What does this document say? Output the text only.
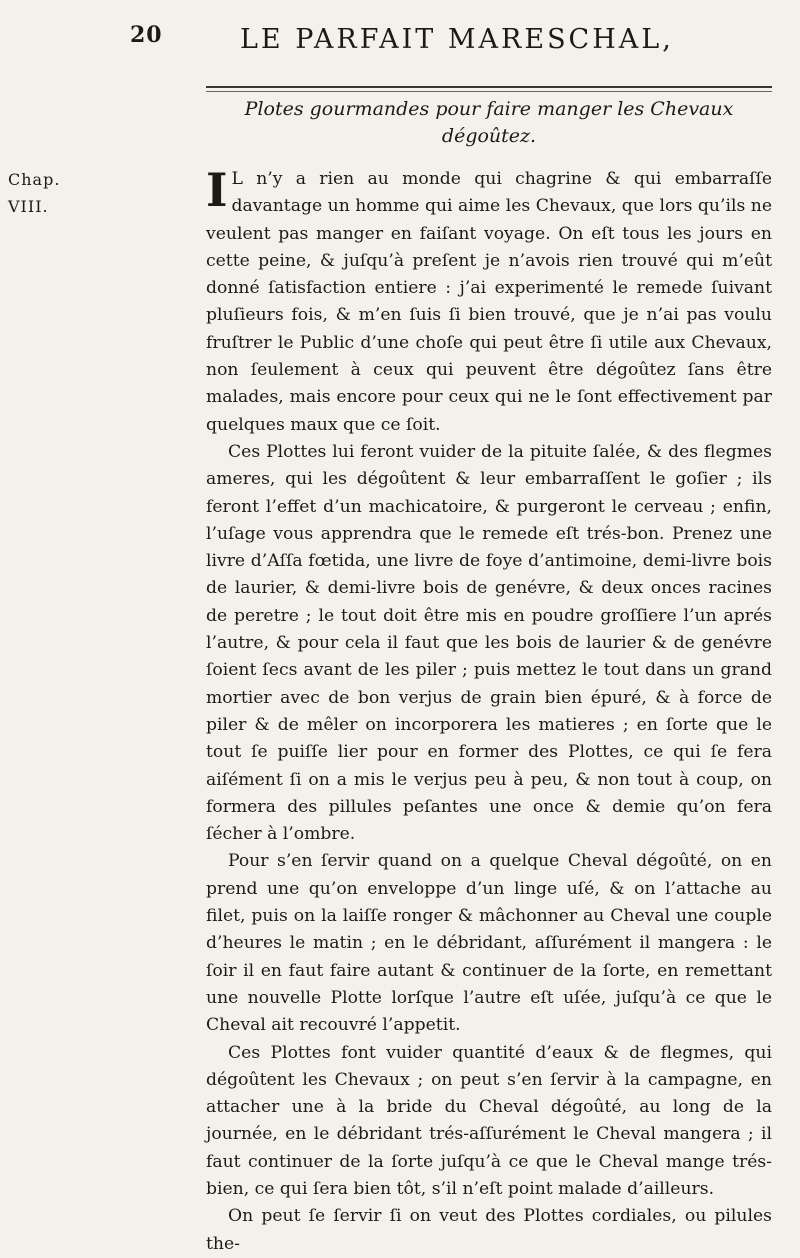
20	LE PARFAIT MARESCHAL,
Plotes gourmandes pour faire manger les Chevaux
dégoûtez.
Chap.
VIII.	I L n’y a rien au monde qui chagrine & qui embarraſſe davantage un homme qui aime les Chevaux, que lors qu’ils ne veulent pas manger en faiſant voyage. On eſt tous les jours en cette peine, & juſqu’à preſent je n’avois rien trouvé qui m’eût donné ſatisfaction entiere : j’ai experimenté le remede ſuivant pluſieurs fois, & m’en ſuis ſi bien trouvé, que je n’ai pas voulu fruſtrer le Public d’une choſe qui peut être ſi utile aux Chevaux, non ſeulement à ceux qui peuvent être dégoûtez ſans être malades, mais encore pour ceux qui ne le ſont effectivement par quelques maux que ce ſoit.

Ces Plottes lui feront vuider de la pituite ſalée, & des flegmes ameres, qui les dégoûtent & leur embarraſſent le goſier ; ils feront l’effet d’un machicatoire, & purgeront le cerveau ; enfin, l’uſage vous apprendra que le remede eſt trés-bon. Prenez une livre d’Aſſa fœtida, une livre de foye d’antimoine, demi-livre bois de laurier, & demi-livre bois de genévre, & deux onces racines de peretre ; le tout doit être mis en poudre groſſiere l’un aprés l’autre, & pour cela il faut que les bois de laurier & de genévre ſoient ſecs avant de les piler ; puis mettez le tout dans un grand mortier avec de bon verjus de grain bien épuré, & à force de piler & de mêler on incorporera les matieres ; en ſorte que le tout ſe puiſſe lier pour en former des Plottes, ce qui ſe fera aiſément ſi on a mis le verjus peu à peu, & non tout à coup, on formera des pillules peſantes une once & demie qu’on fera ſécher à l’ombre.

Pour s’en ſervir quand on a quelque Cheval dégoûté, on en prend une qu’on enveloppe d’un linge uſé, & on l’attache au filet, puis on la laiſſe ronger & mâchonner au Cheval une couple d’heures le matin ; en le débridant, aſſurément il mangera : le ſoir il en faut faire autant & continuer de la ſorte, en remettant une nouvelle Plotte lorſque l’autre eſt uſée, juſqu’à ce que le Cheval ait recouvré l’appetit.

Ces Plottes font vuider quantité d’eaux & de flegmes, qui dégoûtent les Chevaux ; on peut s’en ſervir à la campagne, en attacher une à la bride du Cheval dégoûté, au long de la journée, en le débridant trés-aſſurément le Cheval mangera ; il faut continuer de la ſorte juſqu’à ce que le Cheval mange trés-bien, ce qui ſera bien tôt, s’il n’eſt point malade d’ailleurs.

On peut ſe ſervir ſi on veut des Plottes cordiales, ou pilules the-
